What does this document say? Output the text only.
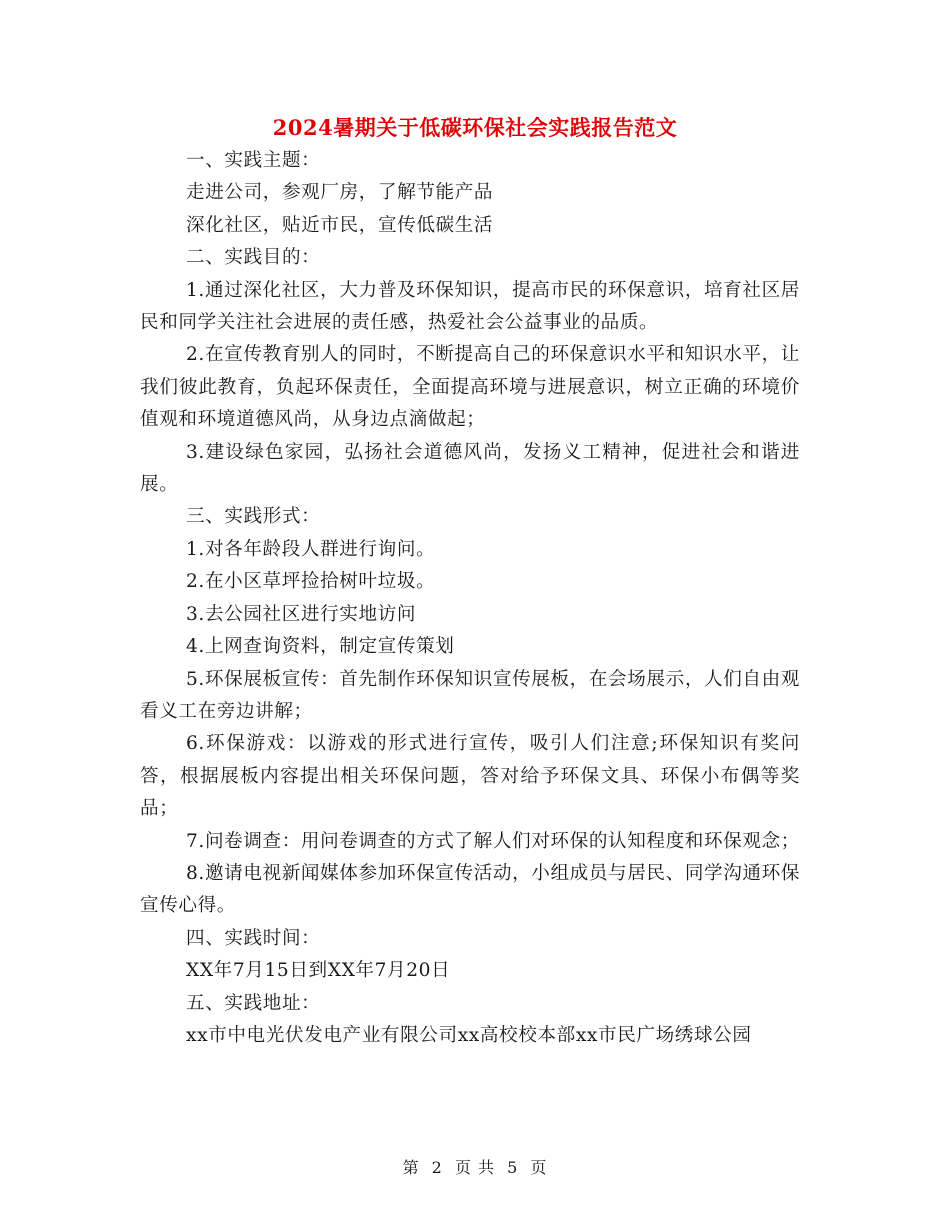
2024暑期关于低碳环保社会实践报告范文

一、实践主题：

走进公司，参观厂房，了解节能产品

深化社区，贴近市民，宣传低碳生活

二、实践目的：

1.通过深化社区，大力普及环保知识，提高市民的环保意识，培育社区居民和同学关注社会进展的责任感，热爱社会公益事业的品质。

2.在宣传教育别人的同时，不断提高自己的环保意识水平和知识水平，让我们彼此教育，负起环保责任，全面提高环境与进展意识，树立正确的环境价值观和环境道德风尚，从身边点滴做起；

3.建设绿色家园，弘扬社会道德风尚，发扬义工精神，促进社会和谐进展。

三、实践形式：

1.对各年龄段人群进行询问。

2.在小区草坪捡拾树叶垃圾。

3.去公园社区进行实地访问

4.上网查询资料，制定宣传策划

5.环保展板宣传：首先制作环保知识宣传展板，在会场展示，人们自由观看义工在旁边讲解；

6.环保游戏：以游戏的形式进行宣传，吸引人们注意;环保知识有奖问答，根据展板内容提出相关环保问题，答对给予环保文具、环保小布偶等奖品；

7.问卷调查：用问卷调查的方式了解人们对环保的认知程度和环保观念；

8.邀请电视新闻媒体参加环保宣传活动，小组成员与居民、同学沟通环保宣传心得。

四、实践时间：

XX年7月15日到XX年7月20日

五、实践地址：

xx市中电光伏发电产业有限公司xx高校校本部xx市民广场绣球公园

第 2 页 共 5 页
